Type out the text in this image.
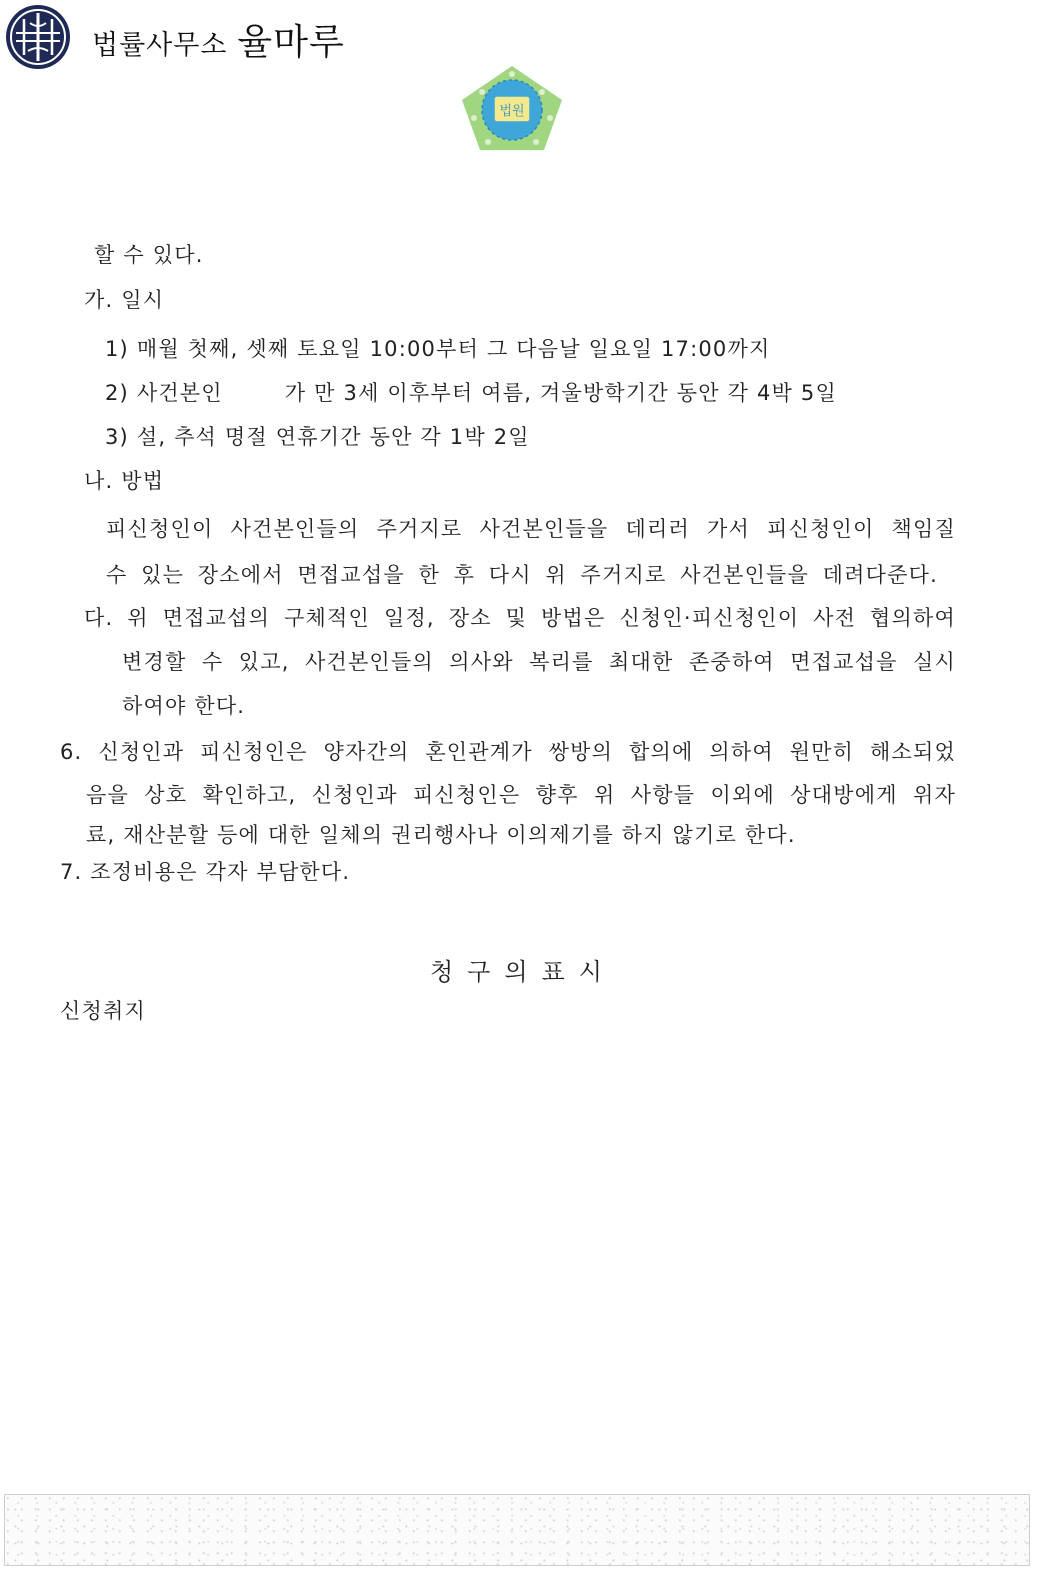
법률사무소 율마루
법원
할 수 있다.
가. 일시
1) 매월 첫째, 셋째 토요일 10:00부터 그 다음날 일요일 17:00까지
2) 사건본인	가 만 3세 이후부터 여름, 겨울방학기간 동안 각 4박 5일
3) 설, 추석 명절 연휴기간 동안 각 1박 2일
나. 방법
피신청인이 사건본인들의 주거지로 사건본인들을 데리러 가서 피신청인이 책임질
수 있는 장소에서 면접교섭을 한 후 다시 위 주거지로 사건본인들을 데려다준다.
다. 위 면접교섭의 구체적인 일정, 장소 및 방법은 신청인·피신청인이 사전 협의하여
변경할 수 있고, 사건본인들의 의사와 복리를 최대한 존중하여 면접교섭을 실시
하여야 한다.
6. 신청인과 피신청인은 양자간의 혼인관계가 쌍방의 합의에 의하여 원만히 해소되었
음을 상호 확인하고, 신청인과 피신청인은 향후 위 사항들 이외에 상대방에게 위자
료, 재산분할 등에 대한 일체의 권리행사나 이의제기를 하지 않기로 한다.
7. 조정비용은 각자 부담한다.
청구의표시
신청취지
